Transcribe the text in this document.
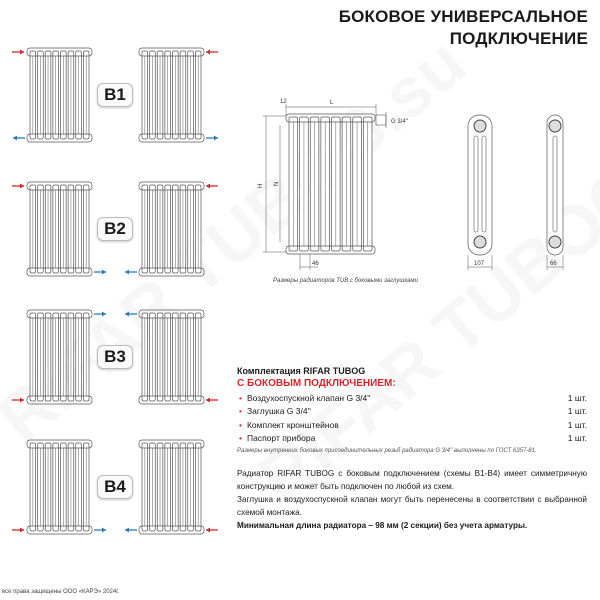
БОКОВОЕ УНИВЕРСАЛЬНОЕ
ПОДКЛЮЧЕНИЕ
B1
B2
B3
B4
L
12
G 3/4''
H N
46	107	66
Размеры радиаторов TUB с боковыми заглушками
Комплектация RIFAR TUBOG
С БОКОВЫМ ПОДКЛЮЧЕНИЕМ:
• Воздухоспускной клапан G 3/4''	1 шт.
• Заглушка G 3/4''	1 шт.
• Комплект кронштейнов	1 шт.
• Паспорт прибора	1 шт.
Размеры внутренних боковых присоединительных резьб радиатора G 3/4'' выполнены по ГОСТ 6357-81.
Радиатор RIFAR TUBOG с боковым подключением (схемы B1-B4) имеет симметричную конструкцию и может быть подключен по любой из схем.
Заглушка и воздухоспускной клапан могут быть перенесены в соответствии с выбранной схемой монтажа.
Минимальная длина радиатора – 98 мм (2 секции) без учета арматуры.
все права защищены ООО «КАРЭ» 2024г.
